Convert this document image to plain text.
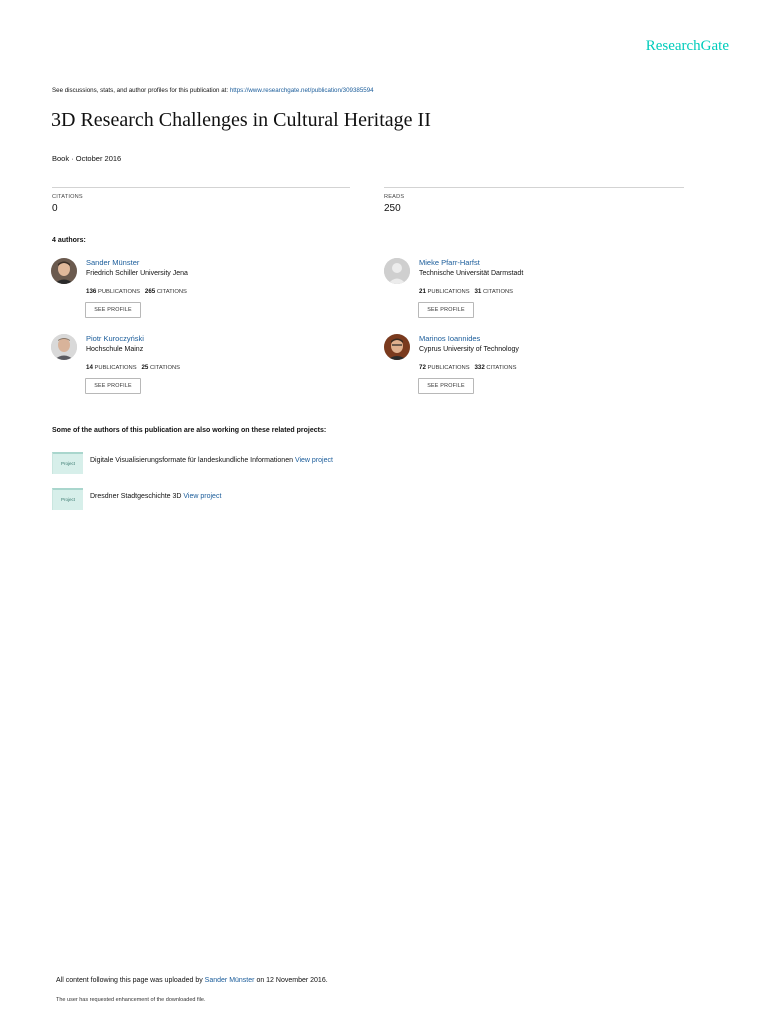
ResearchGate
See discussions, stats, and author profiles for this publication at: https://www.researchgate.net/publication/309385594
3D Research Challenges in Cultural Heritage II
Book · October 2016
CITATIONS
0
READS
250
4 authors:
Sander Münster
Friedrich Schiller University Jena
136 PUBLICATIONS 265 CITATIONS
SEE PROFILE
Mieke Pfarr-Harfst
Technische Universität Darmstadt
21 PUBLICATIONS 31 CITATIONS
SEE PROFILE
Piotr Kuroczyński
Hochschule Mainz
14 PUBLICATIONS 25 CITATIONS
SEE PROFILE
Marinos Ioannides
Cyprus University of Technology
72 PUBLICATIONS 332 CITATIONS
SEE PROFILE
Some of the authors of this publication are also working on these related projects:
Project	Digitale Visualisierungsformate für landeskundliche Informationen View project
Project	Dresdner Stadtgeschichte 3D View project
All content following this page was uploaded by Sander Münster on 12 November 2016.
The user has requested enhancement of the downloaded file.
